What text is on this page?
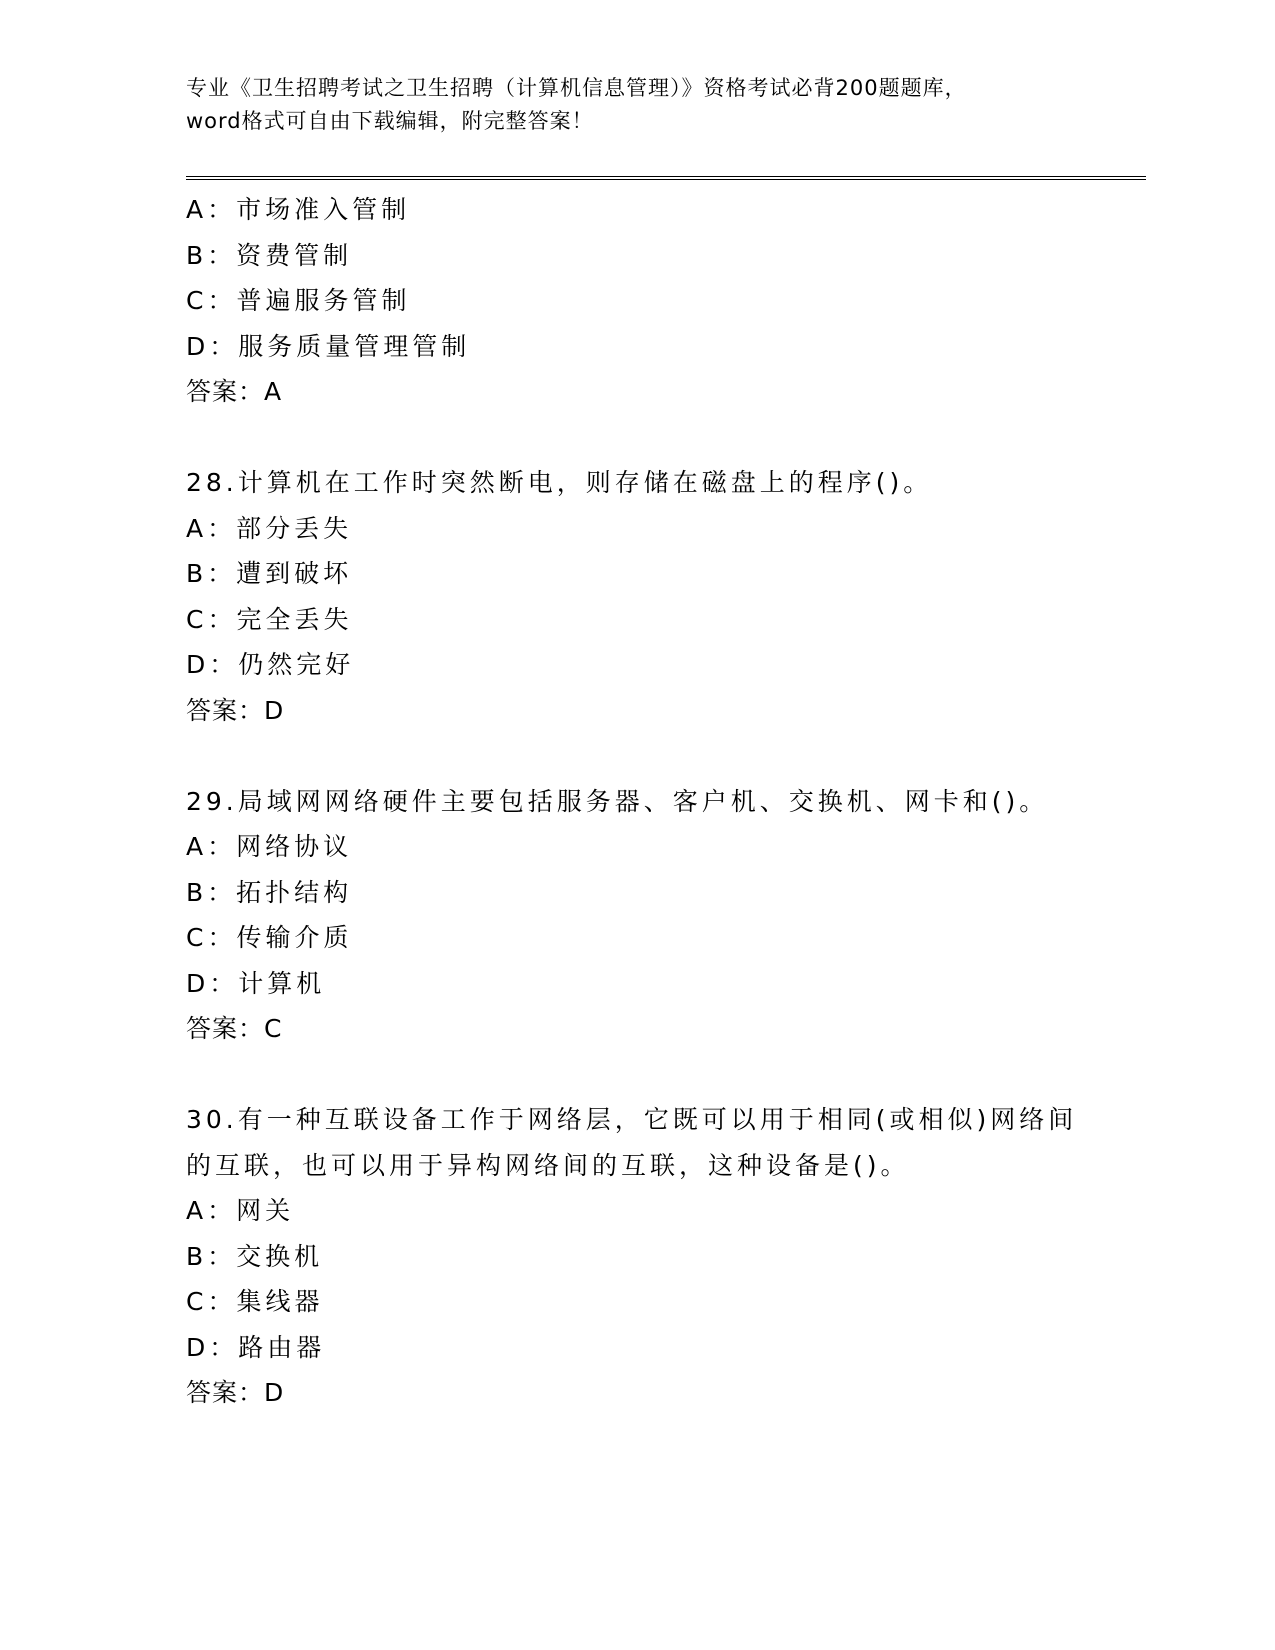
专业《卫生招聘考试之卫生招聘（计算机信息管理）》资格考试必背200题题库，
word格式可自由下载编辑，附完整答案！
A：市场准入管制
B：资费管制
C：普遍服务管制
D：服务质量管理管制
答案：A
28.计算机在工作时突然断电，则存储在磁盘上的程序()。
A：部分丢失
B：遭到破坏
C：完全丢失
D：仍然完好
答案：D
29.局域网网络硬件主要包括服务器、客户机、交换机、网卡和()。
A：网络协议
B：拓扑结构
C：传输介质
D：计算机
答案：C
30.有一种互联设备工作于网络层，它既可以用于相同(或相似)网络间
的互联，也可以用于异构网络间的互联，这种设备是()。
A：网关
B：交换机
C：集线器
D：路由器
答案：D
